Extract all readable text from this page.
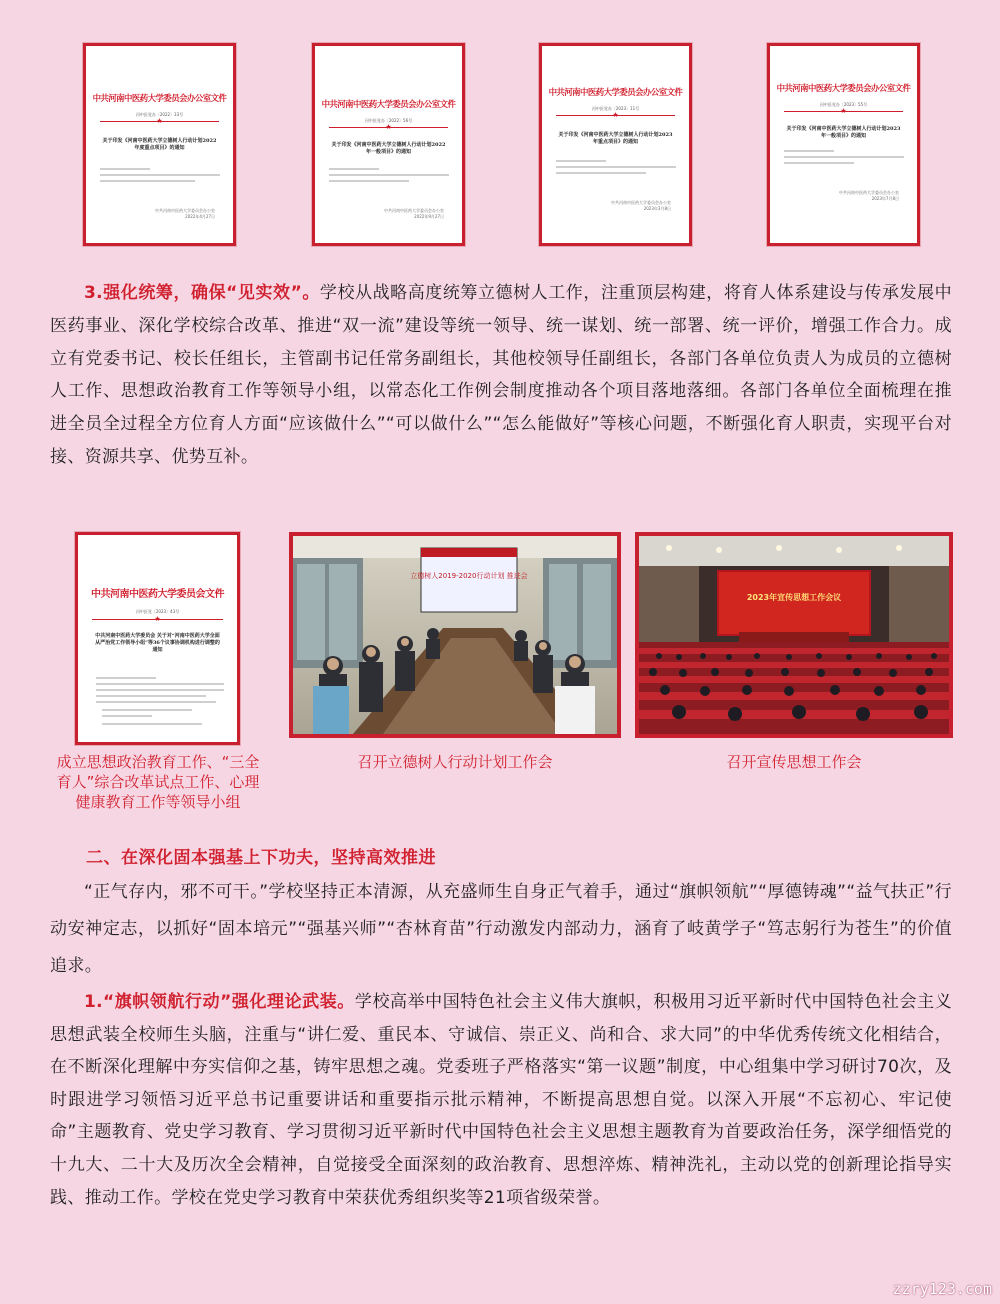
中共河南中医药大学委员会办公室文件
河中医党办〔2022〕33号
★
关于印发《河南中医药大学立德树人行动计划2022年度重点项目》的通知
中共河南中医药大学委员会办公室
2022年4月27日
中共河南中医药大学委员会办公室文件
河中医党办〔2022〕56号
★
关于印发《河南中医药大学立德树人行动计划2022年一般项目》的通知
中共河南中医药大学委员会办公室
2022年9月27日
中共河南中医药大学委员会办公室文件
河中医党办〔2023〕11号
★
关于印发《河南中医药大学立德树人行动计划2023年重点项目》的通知
中共河南中医药大学委员会办公室
2023年3月8日
中共河南中医药大学委员会办公室文件
河中医党办〔2023〕55号
★
关于印发《河南中医药大学立德树人行动计划2023年一般项目》的通知
中共河南中医药大学委员会办公室
2023年7月8日
3.强化统筹，确保“见实效”。学校从战略高度统筹立德树人工作，注重顶层构建，将育人体系建设与传承发展中医药事业、深化学校综合改革、推进“双一流”建设等统一领导、统一谋划、统一部署、统一评价，增强工作合力。成立有党委书记、校长任组长，主管副书记任常务副组长，其他校领导任副组长，各部门各单位负责人为成员的立德树人工作、思想政治教育工作等领导小组，以常态化工作例会制度推动各个项目落地落细。各部门各单位全面梳理在推进全员全过程全方位育人方面“应该做什么”“可以做什么”“怎么能做好”等核心问题，不断强化育人职责，实现平台对接、资源共享、优势互补。
中共河南中医药大学委员会文件
河中医党〔2023〕43号
★
中共河南中医药大学委员会 关于对“河南中医药大学全面从严治党工作领导小组”等36个议事协调机构进行调整的通知
立德树人2019-2020行动计划 推进会
2023年宣传思想工作会议
成立思想政治教育工作、“三全育人”综合改革试点工作、心理健康教育工作等领导小组
召开立德树人行动计划工作会	召开宣传思想工作会
二、在深化固本强基上下功夫，坚持高效推进
“正气存内，邪不可干。”学校坚持正本清源，从充盛师生自身正气着手，通过“旗帜领航”“厚德铸魂”“益气扶正”行动安神定志，以抓好“固本培元”“强基兴师”“杏林育苗”行动激发内部动力，涵育了岐黄学子“笃志躬行为苍生”的价值追求。
1.“旗帜领航行动”强化理论武装。学校高举中国特色社会主义伟大旗帜，积极用习近平新时代中国特色社会主义思想武装全校师生头脑，注重与“讲仁爱、重民本、守诚信、崇正义、尚和合、求大同”的中华优秀传统文化相结合，在不断深化理解中夯实信仰之基，铸牢思想之魂。党委班子严格落实“第一议题”制度，中心组集中学习研讨70次，及时跟进学习领悟习近平总书记重要讲话和重要指示批示精神，不断提高思想自觉。以深入开展“不忘初心、牢记使命”主题教育、党史学习教育、学习贯彻习近平新时代中国特色社会主义思想主题教育为首要政治任务，深学细悟党的十九大、二十大及历次全会精神，自觉接受全面深刻的政治教育、思想淬炼、精神洗礼，主动以党的创新理论指导实践、推动工作。学校在党史学习教育中荣获优秀组织奖等21项省级荣誉。
zzry123.com
